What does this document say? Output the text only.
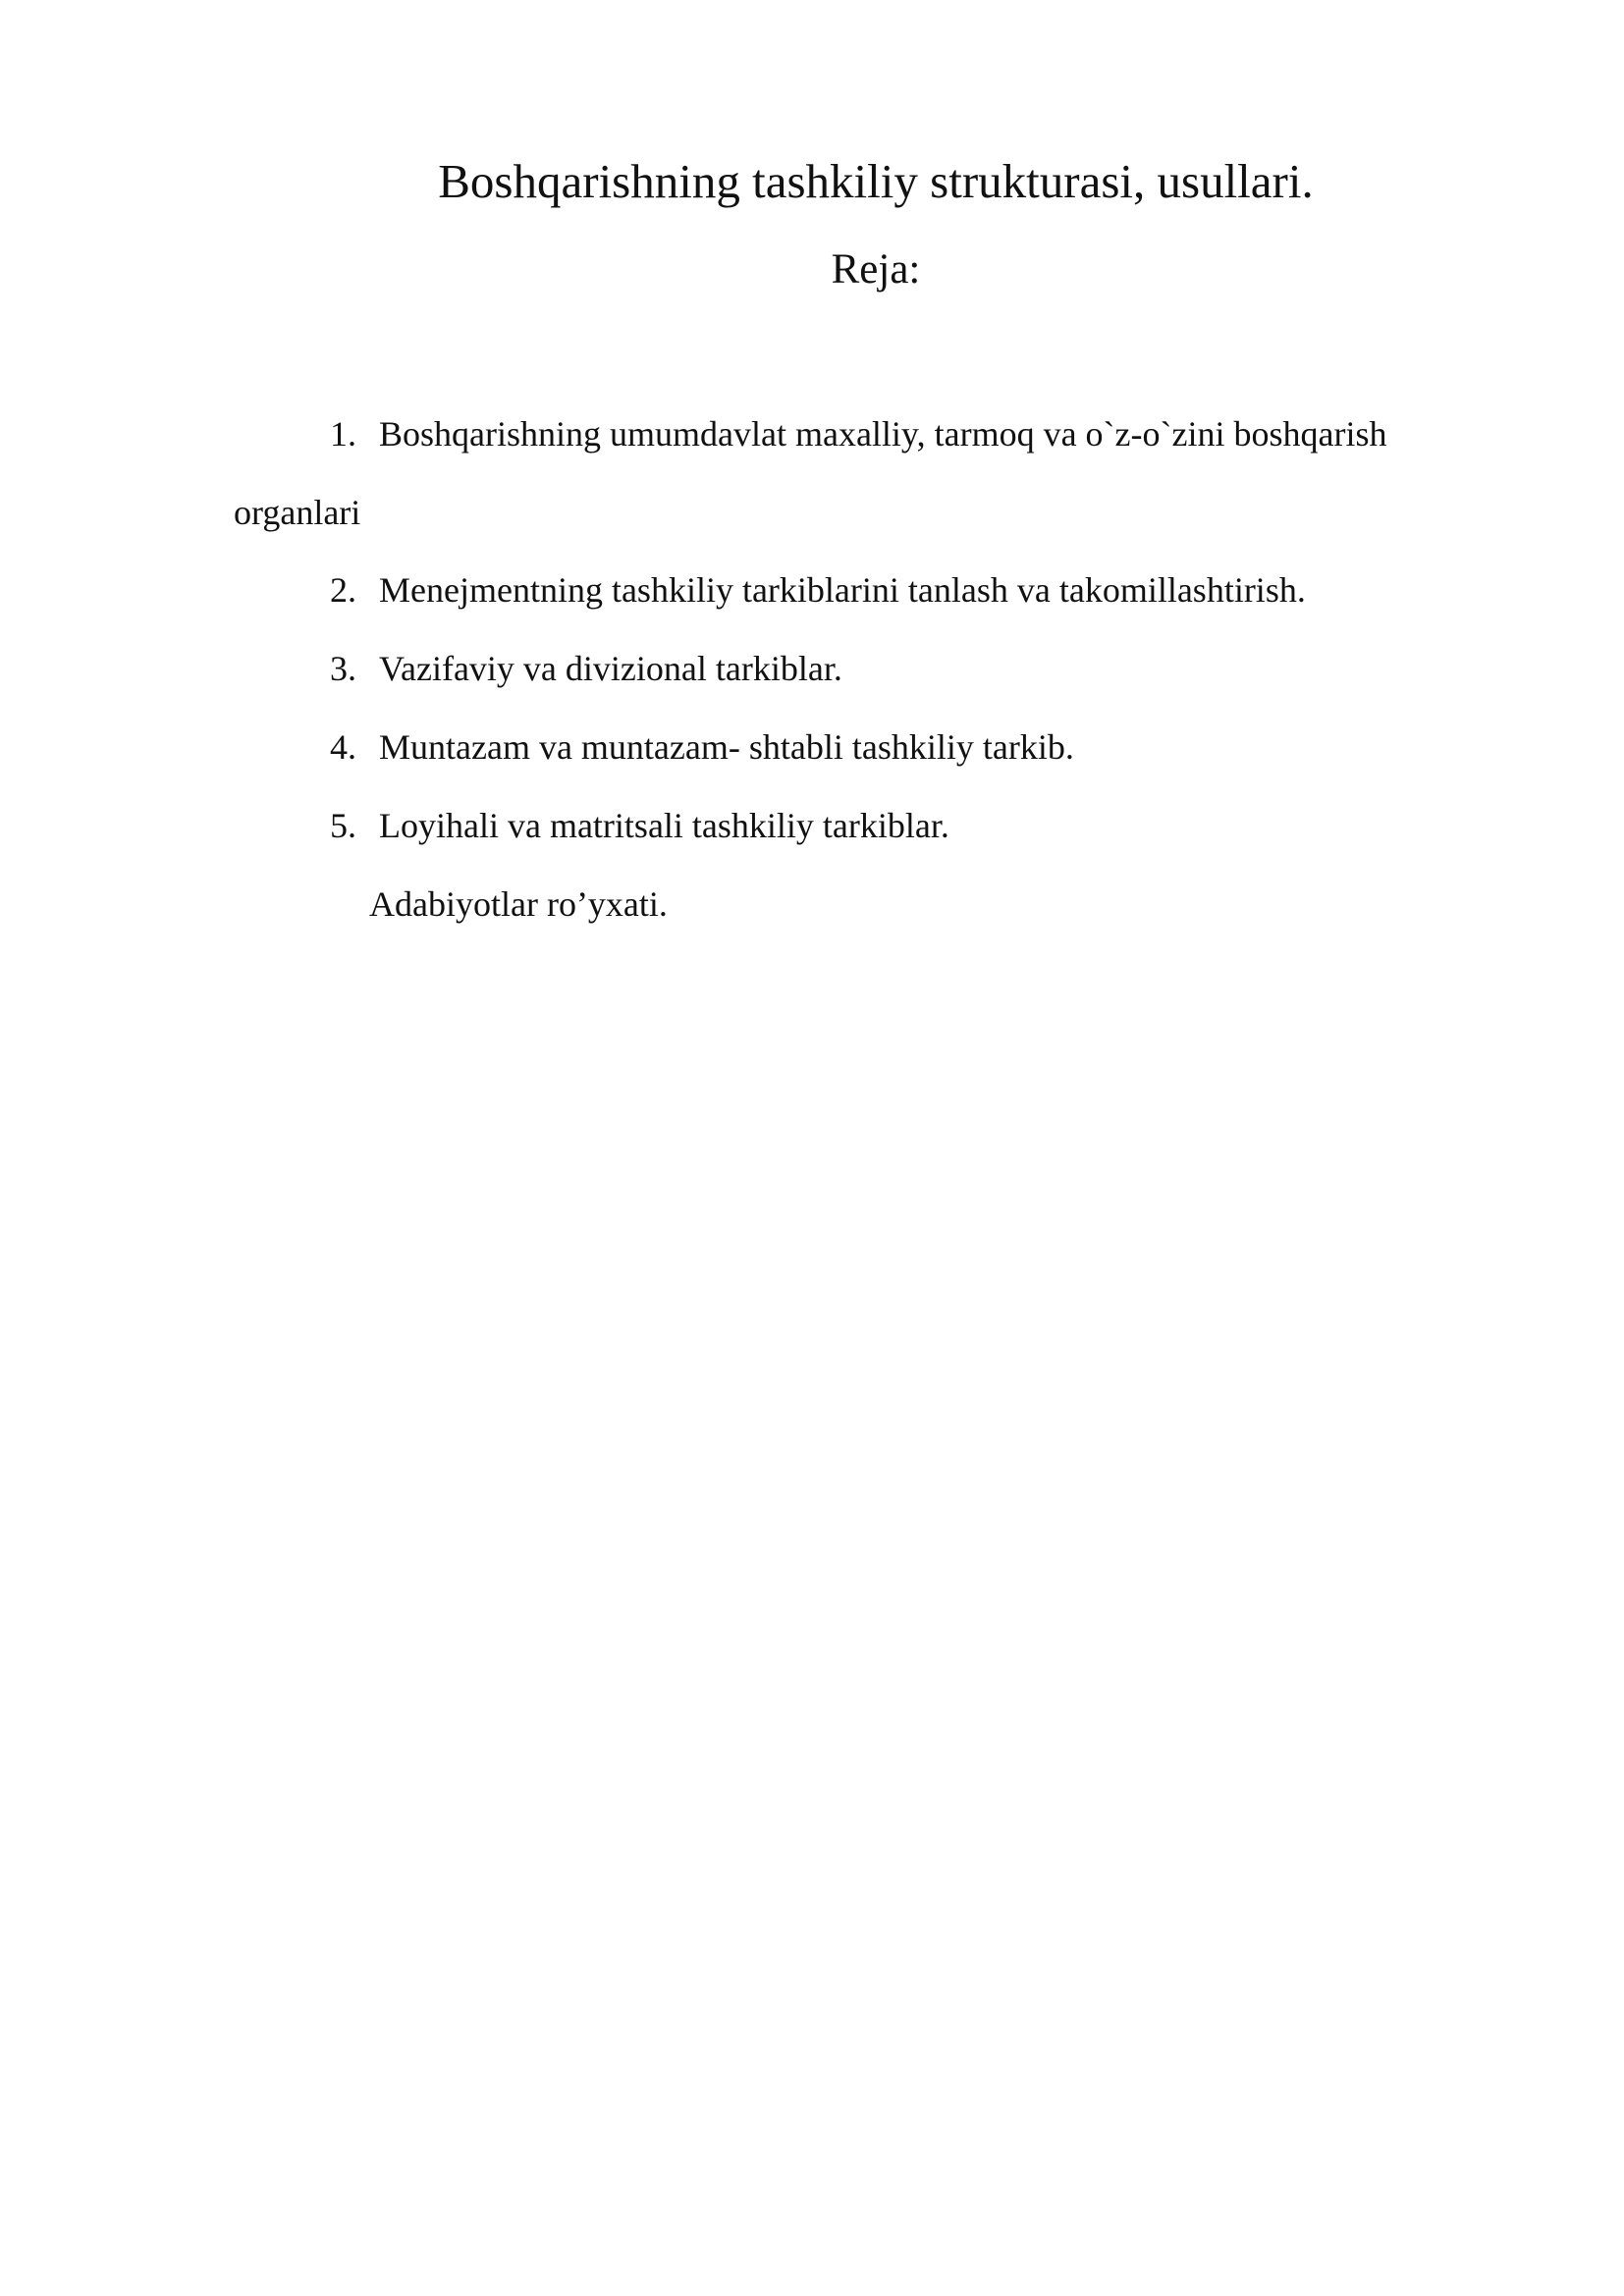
Boshqarishning tashkiliy strukturasi, usullari.
Reja:
1. Boshqarishning umumdavlat maxalliy, tarmoq va o`z-o`zini boshqarish
organlari
2. Menejmentning tashkiliy tarkiblarini tanlash va takomillashtirish.
3. Vazifaviy va divizional tarkiblar.
4. Muntazam va muntazam- shtabli tashkiliy tarkib.
5. Loyihali va matritsali tashkiliy tarkiblar.
Adabiyotlar ro’yxati.
